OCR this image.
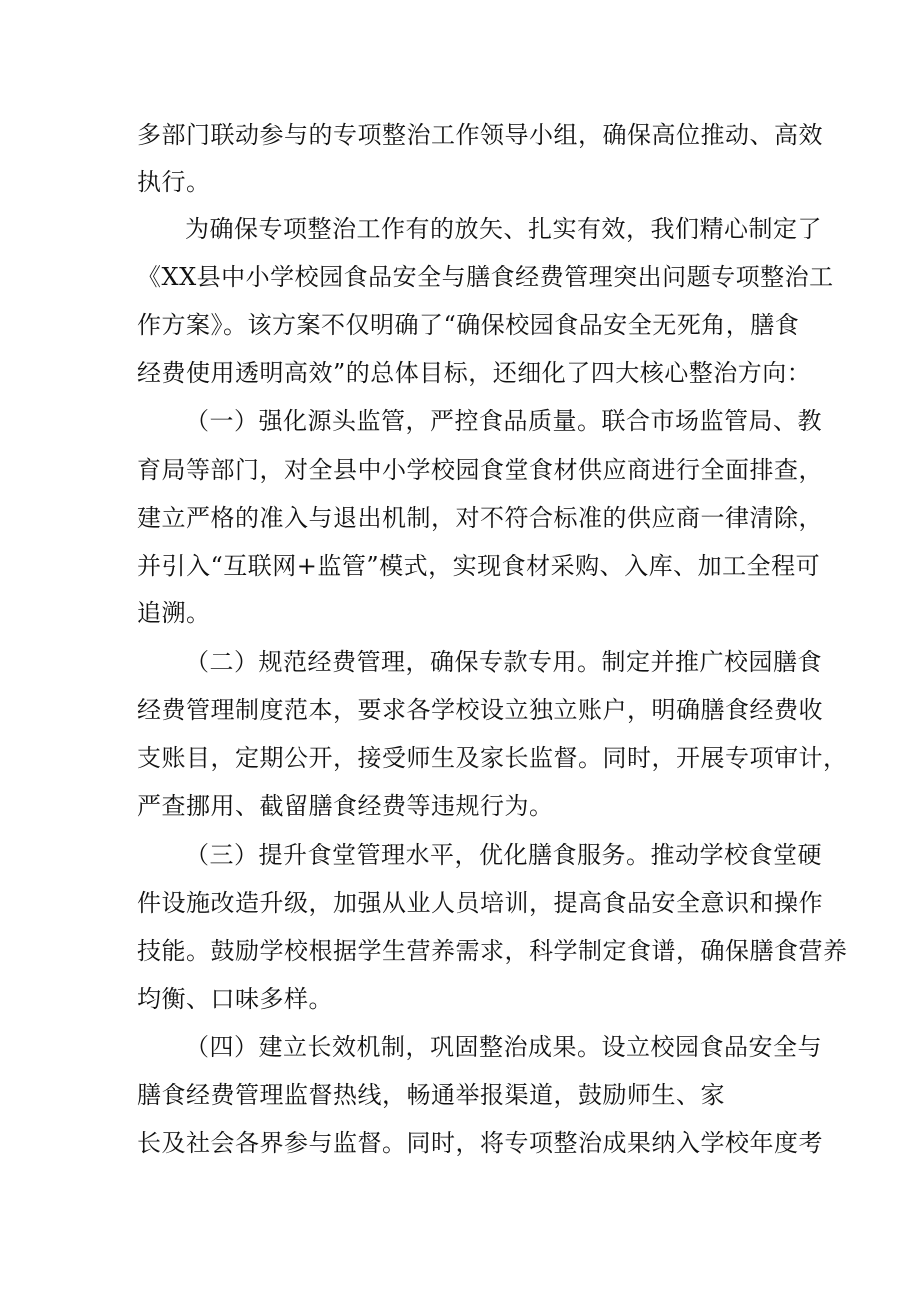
多部门联动参与的专项整治工作领导小组，确保高位推动、高效
执行。
为确保专项整治工作有的放矢、扎实有效，我们精心制定了
《XX县中小学校园食品安全与膳食经费管理突出问题专项整治工
作方案》。该方案不仅明确了“确保校园食品安全无死角，膳食
经费使用透明高效”的总体目标，还细化了四大核心整治方向：
（一）强化源头监管，严控食品质量。联合市场监管局、教
育局等部门，对全县中小学校园食堂食材供应商进行全面排查，
建立严格的准入与退出机制，对不符合标准的供应商一律清除，
并引入“互联网+监管”模式，实现食材采购、入库、加工全程可
追溯。
（二）规范经费管理，确保专款专用。制定并推广校园膳食
经费管理制度范本，要求各学校设立独立账户，明确膳食经费收
支账目，定期公开，接受师生及家长监督。同时，开展专项审计，
严查挪用、截留膳食经费等违规行为。
（三）提升食堂管理水平，优化膳食服务。推动学校食堂硬
件设施改造升级，加强从业人员培训，提高食品安全意识和操作
技能。鼓励学校根据学生营养需求，科学制定食谱，确保膳食营养
均衡、口味多样。
（四）建立长效机制，巩固整治成果。设立校园食品安全与
膳食经费管理监督热线，畅通举报渠道，鼓励师生、家
长及社会各界参与监督。同时，将专项整治成果纳入学校年度考
